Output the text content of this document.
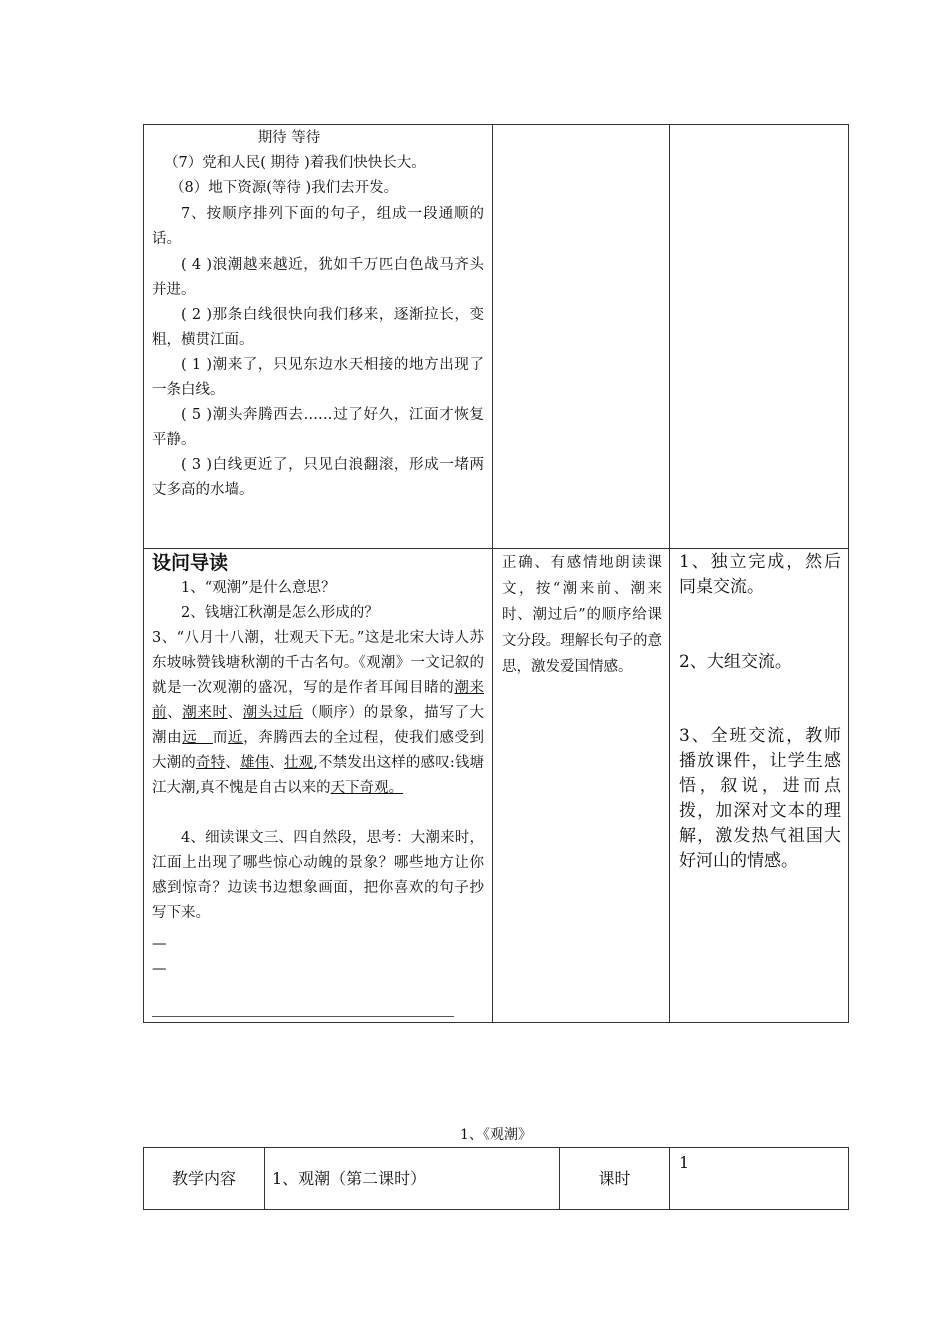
期待 等待

（7）党和人民( 期待 )着我们快快长大。

（8）地下资源(等待 )我们去开发。

7、按顺序排列下面的句子，组成一段通顺的话。

( 4 )浪潮越来越近，犹如千万匹白色战马齐头并进。

( 2 )那条白线很快向我们移来，逐渐拉长，变粗，横贯江面。

( 1 )潮来了，只见东边水天相接的地方出现了一条白线。

( 5 )潮头奔腾西去……过了好久，江面才恢复平静。

( 3 )白线更近了，只见白浪翻滚，形成一堵两丈多高的水墙。

设问导读

1、“观潮”是什么意思？

2、钱塘江秋潮是怎么形成的？

3、“八月十八潮，壮观天下无。”这是北宋大诗人苏东坡咏赞钱塘秋潮的千古名句。《观潮》一文记叙的就是一次观潮的盛况，写的是作者耳闻目睹的潮来前、潮来时、潮头过后（顺序）的景象，描写了大潮由远   而近，奔腾西去的全过程，使我们感受到大潮的奇特、雄伟、壮观,不禁发出这样的感叹:钱塘江大潮,真不愧是自古以来的天下奇观。

4、细读课文三、四自然段，思考：大潮来时，江面上出现了哪些惊心动魄的景象？哪些地方让你感到惊奇？边读书边想象画面，把你喜欢的句子抄写下来。

—

—

正确、有感情地朗读课文，按“潮来前、潮来时、潮过后”的顺序给课文分段。理解长句子的意思，激发爱国情感。

1、独立完成，然后同桌交流。

2、大组交流。

3、全班交流，教师播放课件，让学生感悟，叙说，进而点拨，加深对文本的理解，激发热气祖国大好河山的情感。

1、《观潮》
教学内容	1、观潮（第二课时）	课时
1
